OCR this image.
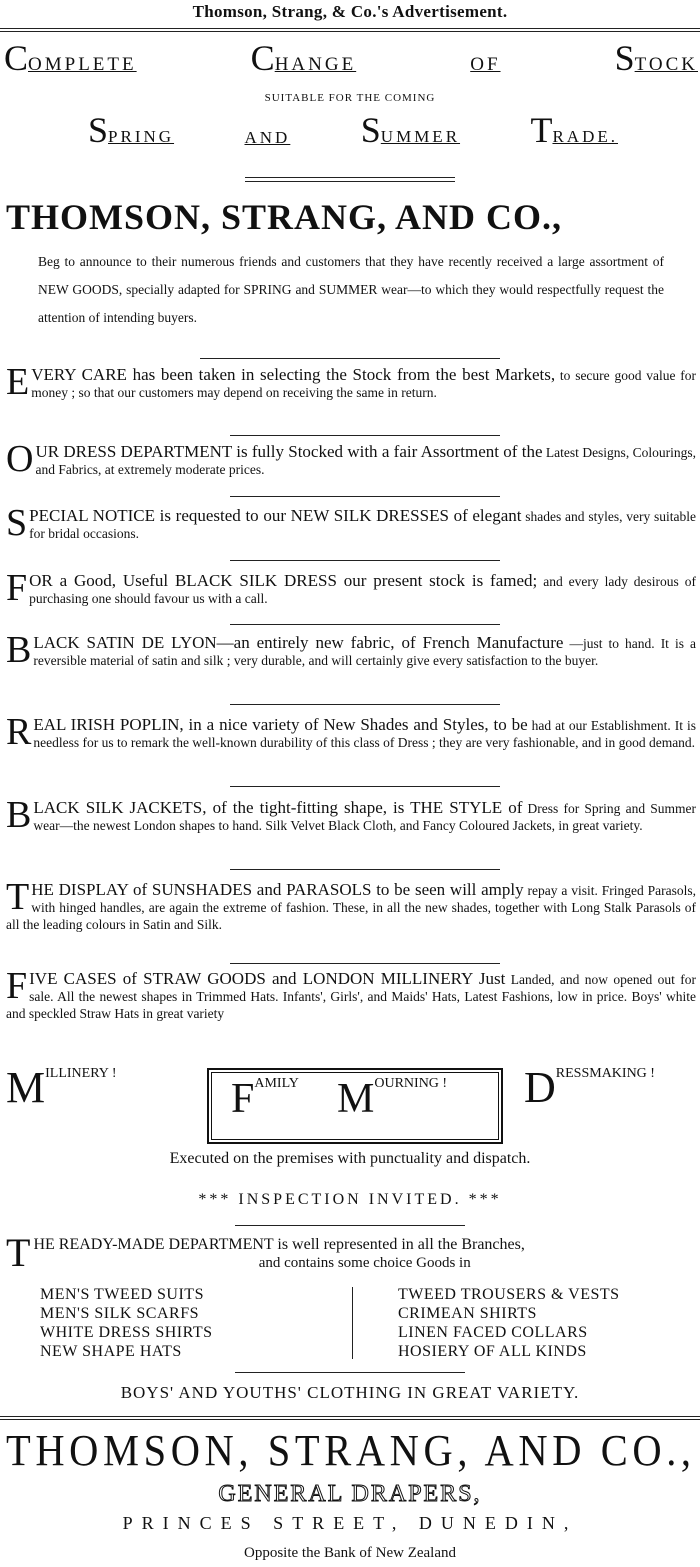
Thomson, Strang, & Co.'s Advertisement.
COMPLETE	CHANGE	OF	STOCK
SUITABLE FOR THE COMING
SPRING	AND SUMMER TRADE.
THOMSON, STRANG, AND CO.,
Beg to announce to their numerous friends and customers that they have recently received a large assortment of NEW GOODS, specially adapted for SPRING and SUMMER wear—to which they would respectfully request the attention of intending buyers.
EVERY CARE has been taken in selecting the Stock from the best Markets, to secure good value for money ; so that our customers may depend on receiving the same in return.
OUR DRESS DEPARTMENT is fully Stocked with a fair Assortment of the Latest Designs, Colourings, and Fabrics, at extremely moderate prices.
SPECIAL NOTICE is requested to our NEW SILK DRESSES of elegant shades and styles, very suitable for bridal occasions.
FOR a Good, Useful BLACK SILK DRESS our present stock is famed; and every lady desirous of purchasing one should favour us with a call.
BLACK SATIN DE LYON—an entirely new fabric, of French Manufacture —just to hand. It is a reversible material of satin and silk ; very durable, and will certainly give every satisfaction to the buyer.
REAL IRISH POPLIN, in a nice variety of New Shades and Styles, to be had at our Establishment. It is needless for us to remark the well-known durability of this class of Dress ; they are very fashionable, and in good demand.
BLACK SILK JACKETS, of the tight-fitting shape, is THE STYLE of Dress for Spring and Summer wear—the newest London shapes to hand. Silk Velvet Black Cloth, and Fancy Coloured Jackets, in great variety.
THE DISPLAY of SUNSHADES and PARASOLS to be seen will amply repay a visit. Fringed Parasols, with hinged handles, are again the extreme of fashion. These, in all the new shades, together with Long Stalk Parasols of all the leading colours in Satin and Silk.
FIVE CASES of STRAW GOODS and LONDON MILLINERY Just Landed, and now opened out for sale. All the newest shapes in Trimmed Hats. Infants', Girls', and Maids' Hats, Latest Fashions, low in price. Boys' white and speckled Straw Hats in great variety
M ILLINERY !
F AMILY M OURNING ! D RESSMAKING !
Executed on the premises with punctuality and dispatch.
*** INSPECTION INVITED. ***
T HE READY-MADE DEPARTMENT is well represented in all the Branches,
and contains some choice Goods in
MEN'S TWEED SUITS
MEN'S SILK SCARFS
WHITE DRESS SHIRTS
NEW SHAPE HATS
TWEED TROUSERS & VESTS
CRIMEAN SHIRTS
LINEN FACED COLLARS
HOSIERY OF ALL KINDS
BOYS' AND YOUTHS' CLOTHING IN GREAT VARIETY.
THOMSON, STRANG, AND CO.,
GENERAL DRAPERS,
PRINCES STREET, DUNEDIN,
Opposite the Bank of New Zealand
